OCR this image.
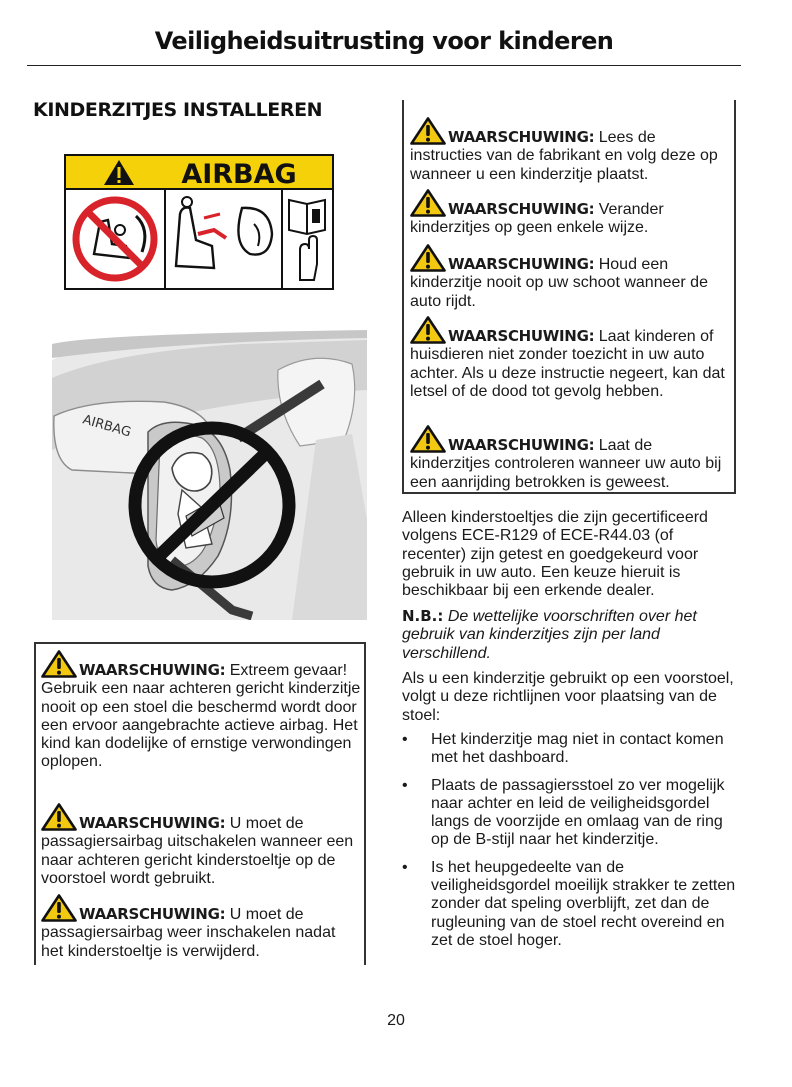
Veiligheidsuitrusting voor kinderen
KINDERZITJES INSTALLEREN
AIRBAG
AIRBAG
WAARSCHUWING: Extreem gevaar! Gebruik een naar achteren gericht kinderzitje nooit op een stoel die beschermd wordt door een ervoor aangebrachte actieve airbag. Het kind kan dodelijke of ernstige verwondingen oplopen.
WAARSCHUWING: U moet de passagiersairbag uitschakelen wanneer een naar achteren gericht kinderstoeltje op de voorstoel wordt gebruikt.
WAARSCHUWING: U moet de passagiersairbag weer inschakelen nadat het kinderstoeltje is verwijderd.
WAARSCHUWING: Lees de instructies van de fabrikant en volg deze op wanneer u een kinderzitje plaatst.
WAARSCHUWING: Verander kinderzitjes op geen enkele wijze.
WAARSCHUWING: Houd een kinderzitje nooit op uw schoot wanneer de auto rijdt.
WAARSCHUWING: Laat kinderen of huisdieren niet zonder toezicht in uw auto achter. Als u deze instructie negeert, kan dat letsel of de dood tot gevolg hebben.
WAARSCHUWING: Laat de kinderzitjes controleren wanneer uw auto bij een aanrijding betrokken is geweest.

Alleen kinderstoeltjes die zijn gecertificeerd volgens ECE-R129 of ECE-R44.03 (of recenter) zijn getest en goedgekeurd voor gebruik in uw auto. Een keuze hieruit is beschikbaar bij een erkende dealer.

N.B.: De wettelijke voorschriften over het gebruik van kinderzitjes zijn per land verschillend.

Als u een kinderzitje gebruikt op een voorstoel, volgt u deze richtlijnen voor plaatsing van de stoel:

• Het kinderzitje mag niet in contact komen met het dashboard.
• Plaats de passagiersstoel zo ver mogelijk naar achter en leid de veiligheidsgordel langs de voorzijde en omlaag van de ring op de B-stijl naar het kinderzitje.
• Is het heupgedeelte van de veiligheidsgordel moeilijk strakker te zetten zonder dat speling overblijft, zet dan de rugleuning van de stoel recht overeind en zet de stoel hoger.
20
